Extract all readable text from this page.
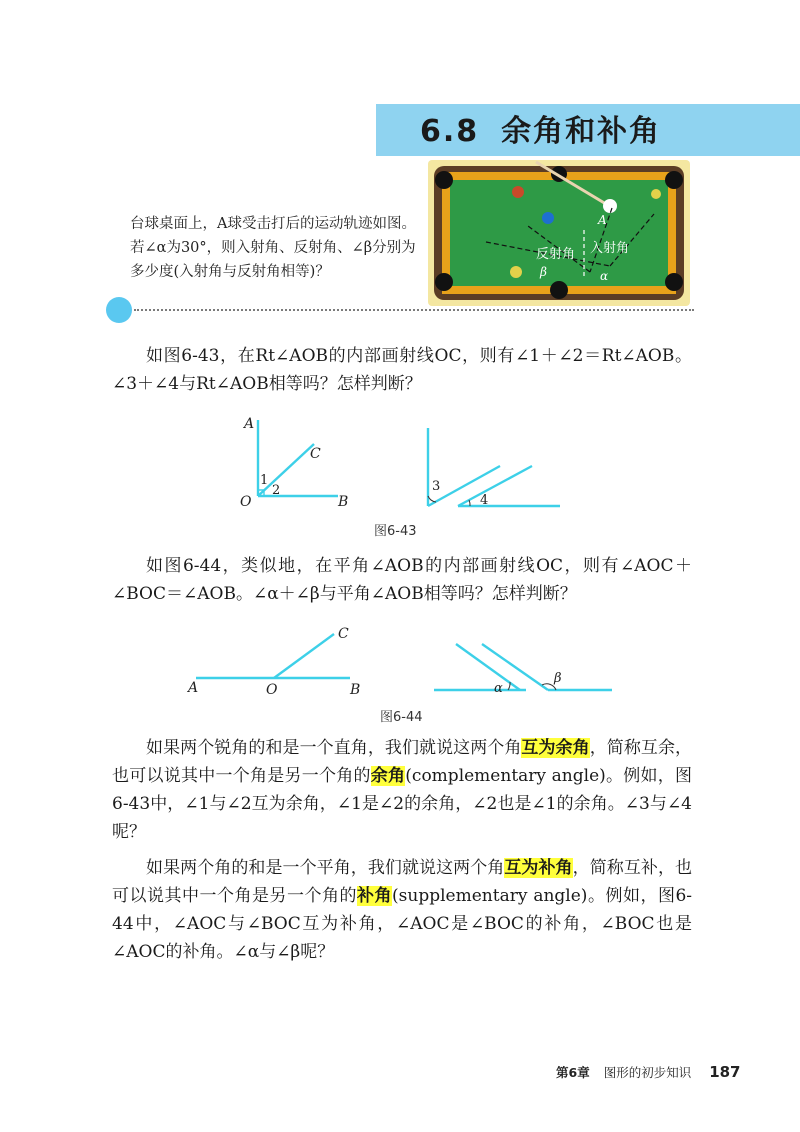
6.8 余角和补角
台球桌面上，A球受击打后的运动轨迹如图。若∠α为30°，则入射角、反射角、∠β分别为多少度(入射角与反射角相等)？
反射角 入射角
A
α
β
如图6-43，在Rt∠AOB的内部画射线OC，则有∠1＋∠2＝Rt∠AOB。∠3＋∠4与Rt∠AOB相等吗？怎样判断？
A
O	B
C
1
2	3
4
图6-43
如图6-44，类似地，在平角∠AOB的内部画射线OC，则有∠AOC＋∠BOC＝∠AOB。∠α＋∠β与平角∠AOB相等吗？怎样判断？
A	O	B
C
α
β
图6-44
如果两个锐角的和是一个直角，我们就说这两个角互为余角，简称互余，也可以说其中一个角是另一个角的余角(complementary angle)。例如，图6-43中，∠1与∠2互为余角，∠1是∠2的余角，∠2也是∠1的余角。∠3与∠4呢？
如果两个角的和是一个平角，我们就说这两个角互为补角，简称互补，也可以说其中一个角是另一个角的补角(supplementary angle)。例如，图6-44中，∠AOC与∠BOC互为补角，∠AOC是∠BOC的补角，∠BOC也是∠AOC的补角。∠α与∠β呢？
第6章 图形的初步知识 187
